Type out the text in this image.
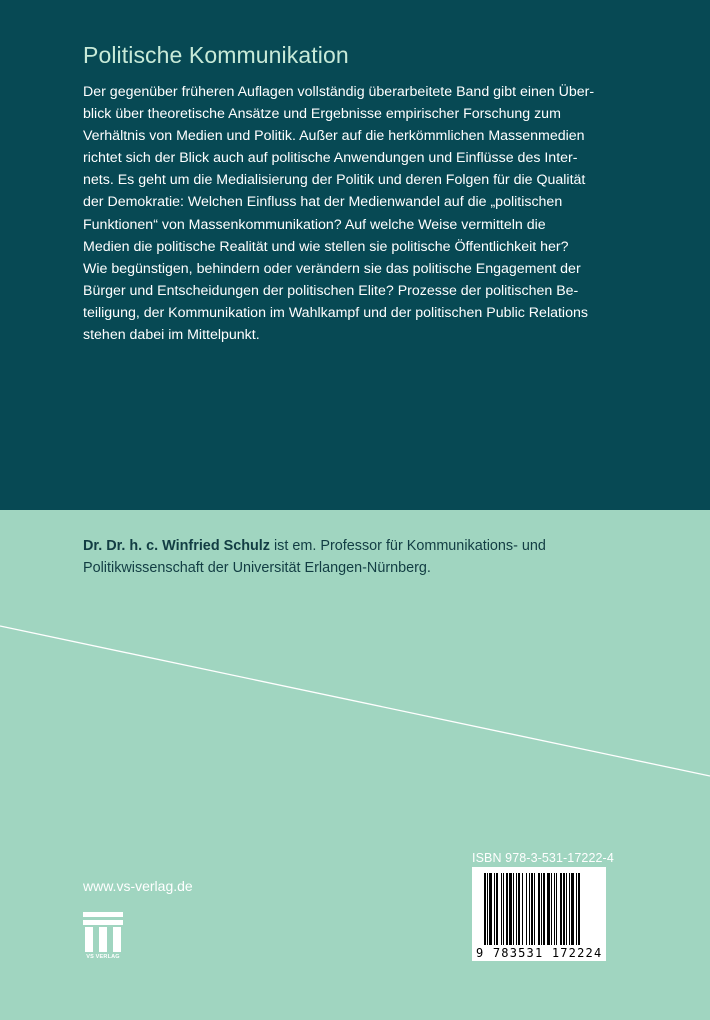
Politische Kommunikation
Der gegenüber früheren Auflagen vollständig überarbeitete Band gibt einen Über-
blick über theoretische Ansätze und Ergebnisse empirischer Forschung zum
Verhältnis von Medien und Politik. Außer auf die herkömmlichen Massenmedien
richtet sich der Blick auch auf politische Anwendungen und Einflüsse des Inter-
nets. Es geht um die Medialisierung der Politik und deren Folgen für die Qualität
der Demokratie: Welchen Einfluss hat der Medienwandel auf die „politischen
Funktionen“ von Massenkommunikation? Auf welche Weise vermitteln die
Medien die politische Realität und wie stellen sie politische Öffentlichkeit her?
Wie begünstigen, behindern oder verändern sie das politische Engagement der
Bürger und Entscheidungen der politischen Elite? Prozesse der politischen Be-
teiligung, der Kommunikation im Wahlkampf und der politischen Public Relations
stehen dabei im Mittelpunkt.
Dr. Dr. h. c. Winfried Schulz ist em. Professor für Kommunikations- und
Politikwissenschaft der Universität Erlangen-Nürnberg.
www.vs-verlag.de
VS VERLAG
ISBN 978-3-531-17222-4
9 783531 172224
